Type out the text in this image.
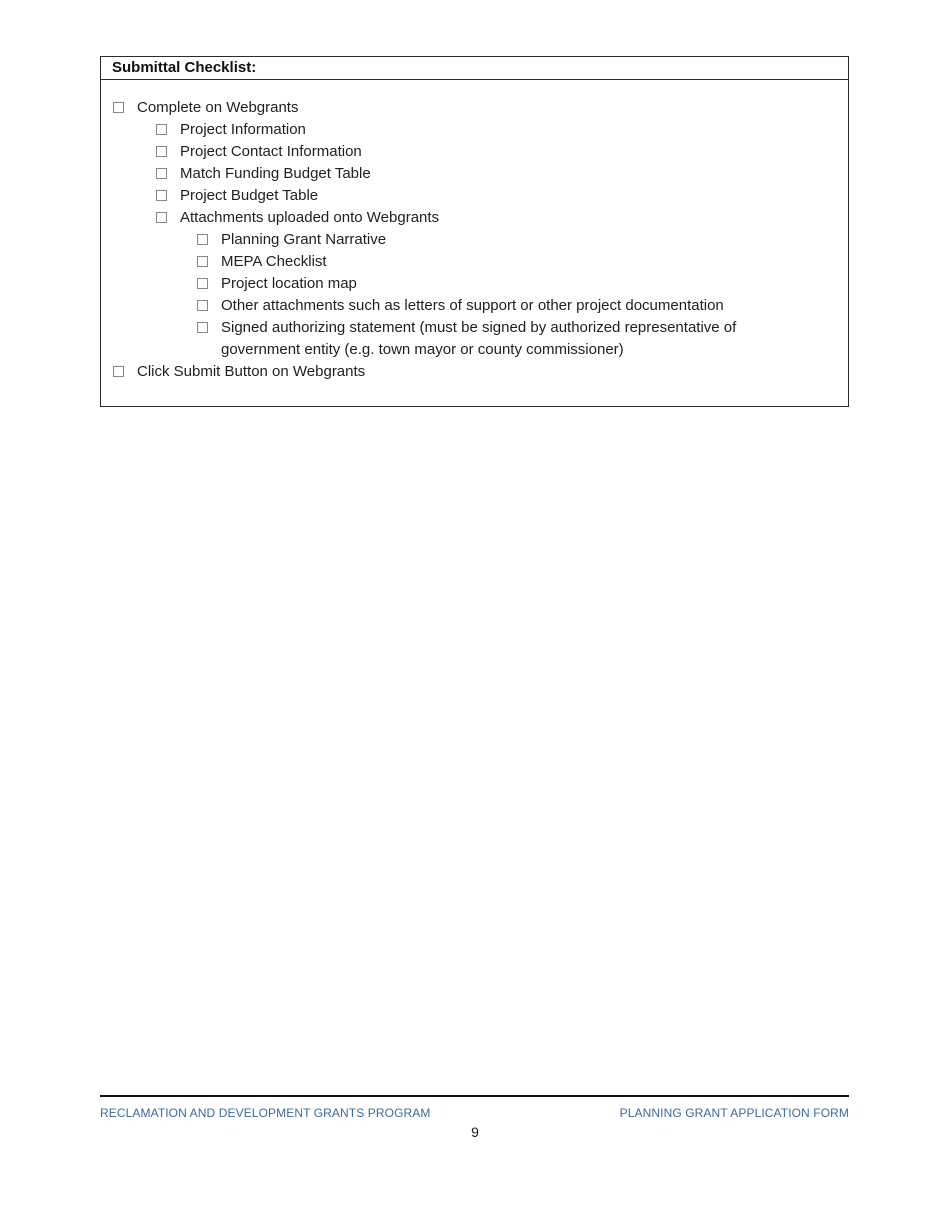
Submittal Checklist:
Complete on Webgrants
Project Information
Project Contact Information
Match Funding Budget Table
Project Budget Table
Attachments uploaded onto Webgrants
Planning Grant Narrative
MEPA Checklist
Project location map
Other attachments such as letters of support or other project documentation
Signed authorizing statement (must be signed by authorized representative of government entity (e.g. town mayor or county commissioner)
Click Submit Button on Webgrants
RECLAMATION AND DEVELOPMENT GRANTS PROGRAM	PLANNING GRANT APPLICATION FORM
9
